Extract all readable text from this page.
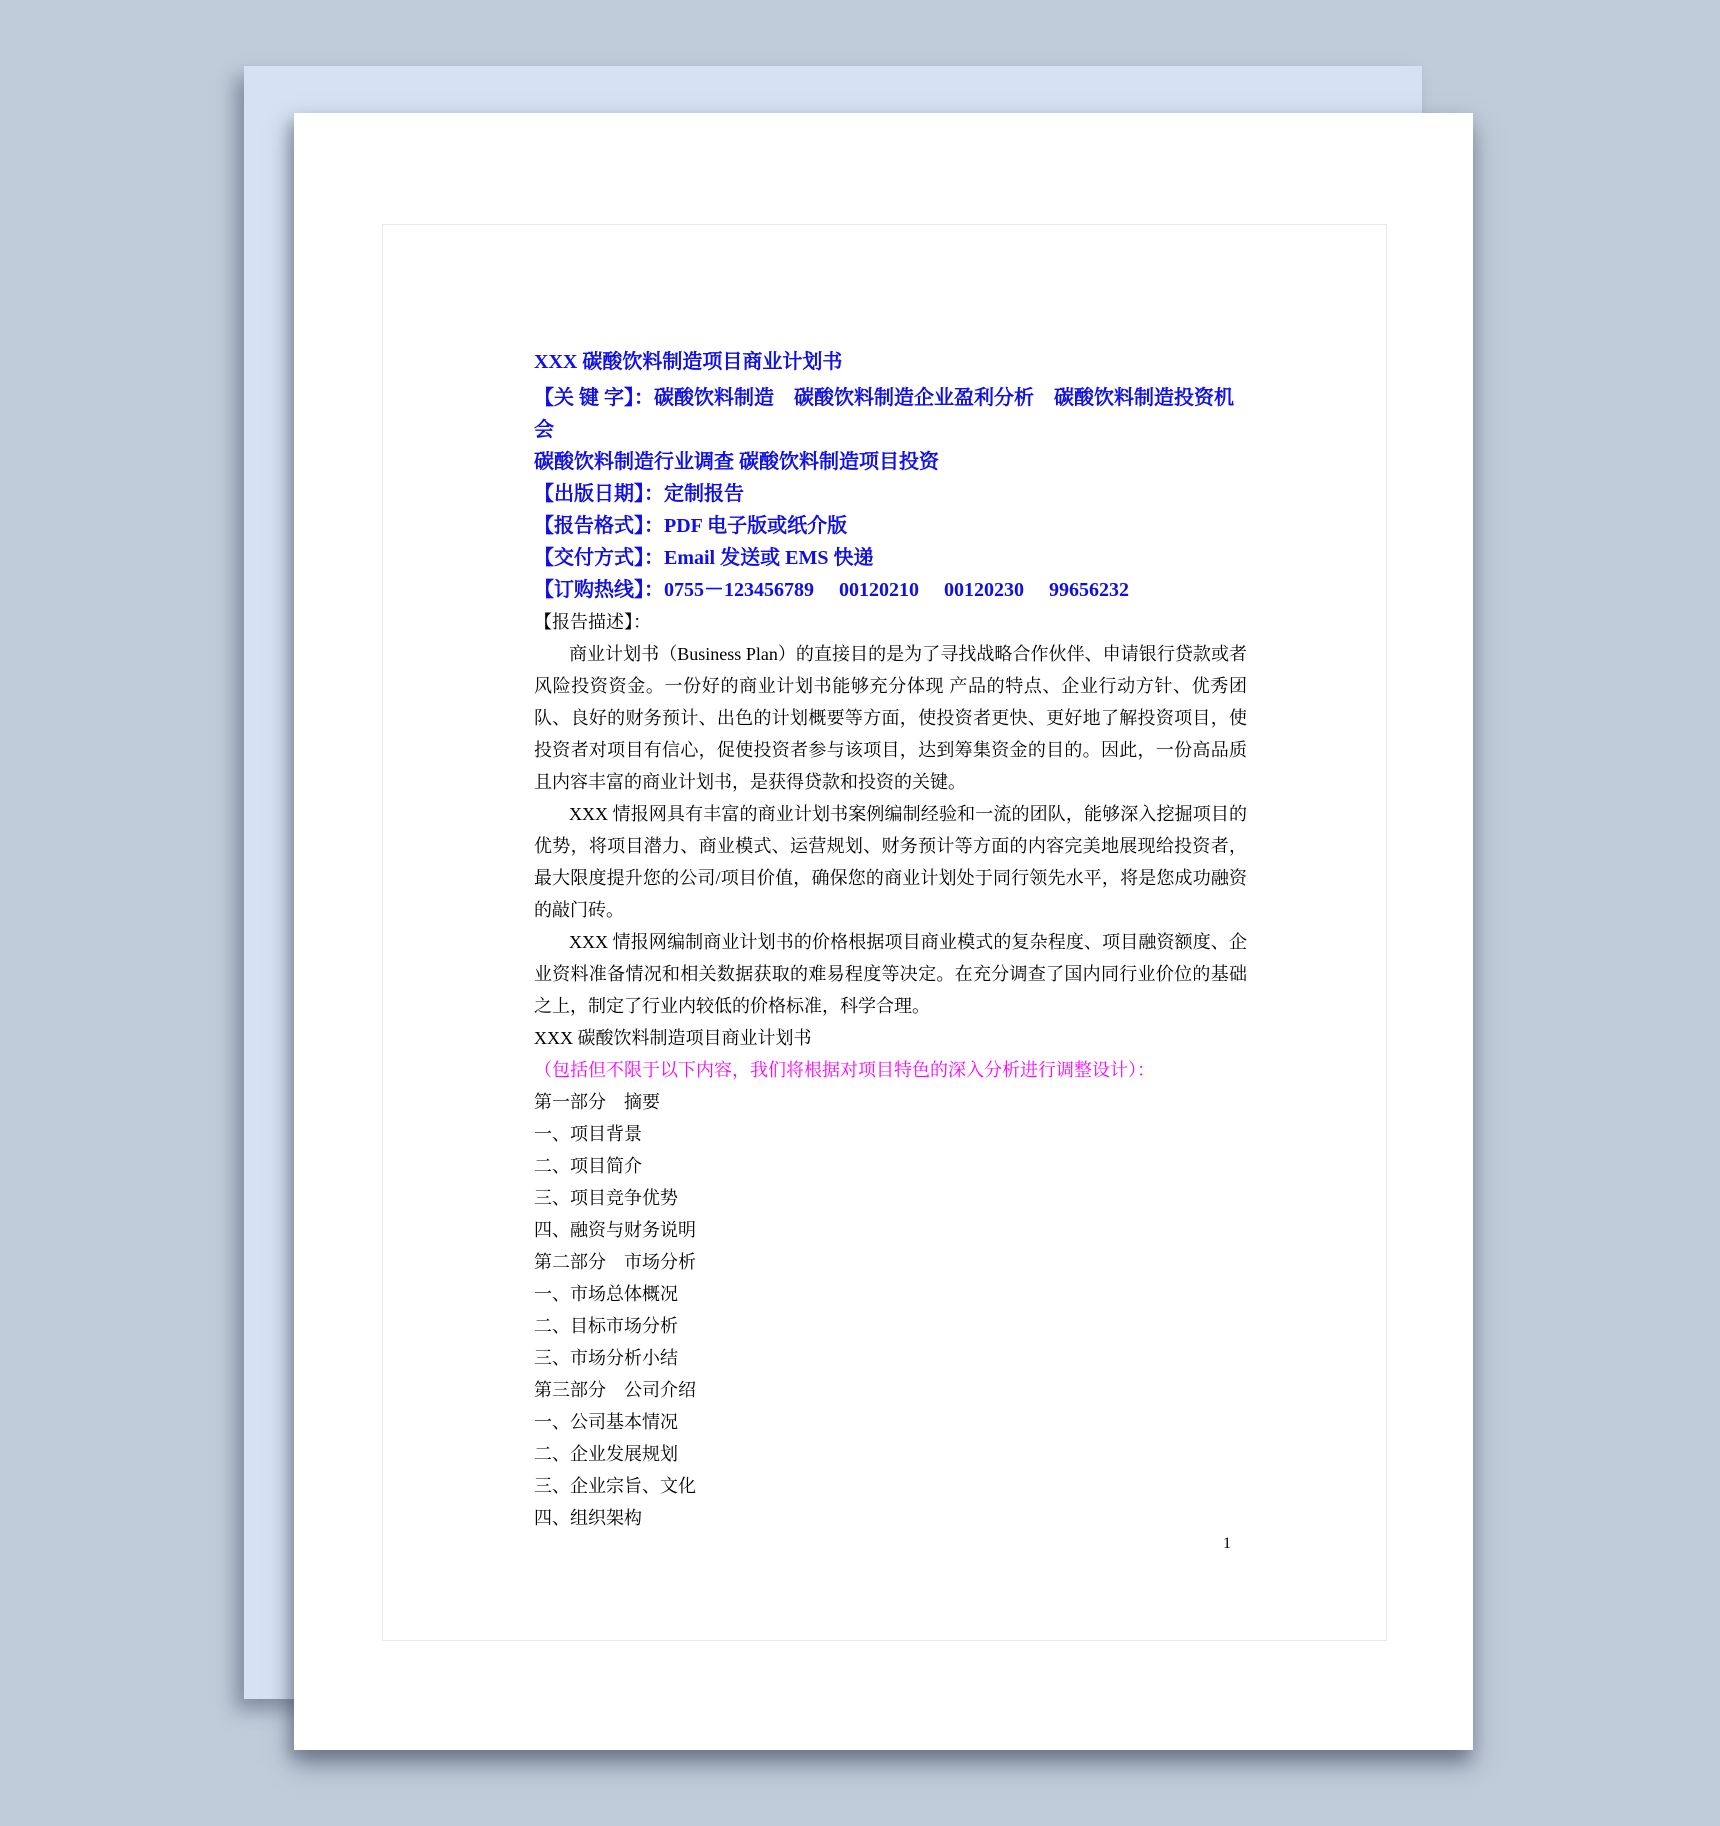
XXX 碳酸饮料制造项目商业计划书
【关 键 字】：碳酸饮料制造　碳酸饮料制造企业盈利分析　碳酸饮料制造投资机会
碳酸饮料制造行业调查 碳酸饮料制造项目投资
【出版日期】：定制报告
【报告格式】：PDF 电子版或纸介版
【交付方式】：Email 发送或 EMS 快递
【订购热线】：0755－123456789　 00120210　 00120230　 99656232
【报告描述】：
商业计划书（Business Plan）的直接目的是为了寻找战略合作伙伴、申请银行贷款或者风险投资资金。一份好的商业计划书能够充分体现 产品的特点、企业行动方针、优秀团队、良好的财务预计、出色的计划概要等方面，使投资者更快、更好地了解投资项目，使投资者对项目有信心，促使投资者参与该项目，达到筹集资金的目的。因此，一份高品质且内容丰富的商业计划书，是获得贷款和投资的关键。
XXX 情报网具有丰富的商业计划书案例编制经验和一流的团队，能够深入挖掘项目的优势，将项目潜力、商业模式、运营规划、财务预计等方面的内容完美地展现给投资者，最大限度提升您的公司/项目价值，确保您的商业计划处于同行领先水平，将是您成功融资的敲门砖。
XXX 情报网编制商业计划书的价格根据项目商业模式的复杂程度、项目融资额度、企业资料准备情况和相关数据获取的难易程度等决定。在充分调查了国内同行业价位的基础之上，制定了行业内较低的价格标准，科学合理。
XXX 碳酸饮料制造项目商业计划书
（包括但不限于以下内容，我们将根据对项目特色的深入分析进行调整设计）：
第一部分　摘要
一、项目背景
二、项目简介
三、项目竞争优势
四、融资与财务说明
第二部分　市场分析
一、市场总体概况
二、目标市场分析
三、市场分析小结
第三部分　公司介绍
一、公司基本情况
二、企业发展规划
三、企业宗旨、文化
四、组织架构
1
